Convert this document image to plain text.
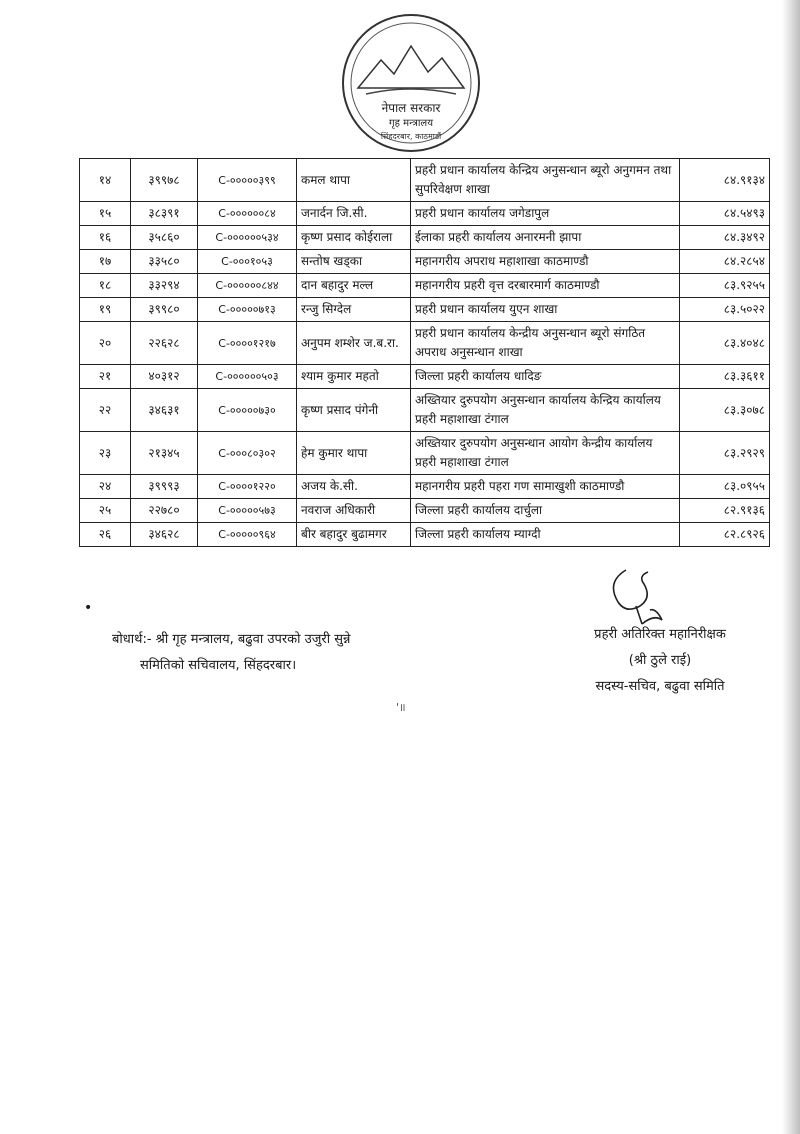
नेपाल सरकार
गृह मन्त्रालय
सिंहदरबार, काठमाडौं
१४	३९९७८	C-०००००३९९	कमल थापा	प्रहरी प्रधान कार्यालय केन्द्रिय अनुसन्धान ब्यूरो अनुगमन तथा सुपरिवेक्षण शाखा	८४.९१३४
१५	३८३९१	C-००००००८४	जनार्दन जि.सी.	प्रहरी प्रधान कार्यालय जगेडापुल	८४.५४९३
१६	३५८६०	C-००००००५३४	कृष्ण प्रसाद कोईराला	ईलाका प्रहरी कार्यालय अनारमनी झापा	८४.३४९२
१७	३३५८०	C-०००१०५३	सन्तोष खड्का	महानगरीय अपराध महाशाखा काठमाण्डौ	८४.२८५४
१८	३३२९४	C-००००००८४४	दान बहादुर मल्ल	महानगरीय प्रहरी वृत्त दरबारमार्ग काठमाण्डौ	८३.९२५५
१९	३९९८०	C-०००००७१३	रन्जु सिग्देल	प्रहरी प्रधान कार्यालय युएन शाखा	८३.५०२२
२०	२२६२८	C-००००१२१७	अनुपम शम्शेर ज.ब.रा.	प्रहरी प्रधान कार्यालय केन्द्रीय अनुसन्धान ब्यूरो संगठित अपराध अनुसन्धान शाखा	८३.४०४८
२१	४०३१२	C-००००००५०३	श्याम कुमार महतो	जिल्ला प्रहरी कार्यालय धादिङ	८३.३६११
२२	३४६३१	C-०००००७३०	कृष्ण प्रसाद पंगेनी	अख्तियार दुरुपयोग अनुसन्धान कार्यालय केन्द्रिय कार्यालय प्रहरी महाशाखा टंगाल	८३.३०७८
२३	२१३४५	C-०००८०३०२	हेम कुमार थापा	अख्तियार दुरुपयोग अनुसन्धान आयोग केन्द्रीय कार्यालय प्रहरी महाशाखा टंगाल	८३.२९२९
२४	३९९९३	C-००००१२२०	अजय के.सी.	महानगरीय प्रहरी पहरा गण सामाखुशी काठमाण्डौ	८३.०९५५
२५	२२७८०	C-०००००५७३	नवराज अधिकारी	जिल्ला प्रहरी कार्यालय दार्चुला	८२.९१३६
२६	३४६२८	C-०००००९६४	बीर बहादुर बुढामगर	जिल्ला प्रहरी कार्यालय म्याग्दी	८२.८९२६
•
बोधार्थ:- श्री गृह मन्त्रालय, बढुवा उपरको उजुरी सुन्ने
समितिको सचिवालय, सिंहदरबार।
प्रहरी अतिरिक्त महानिरीक्षक
(श्री ठुले राई)
सदस्य-सचिव, बढुवा समिति
'॥
